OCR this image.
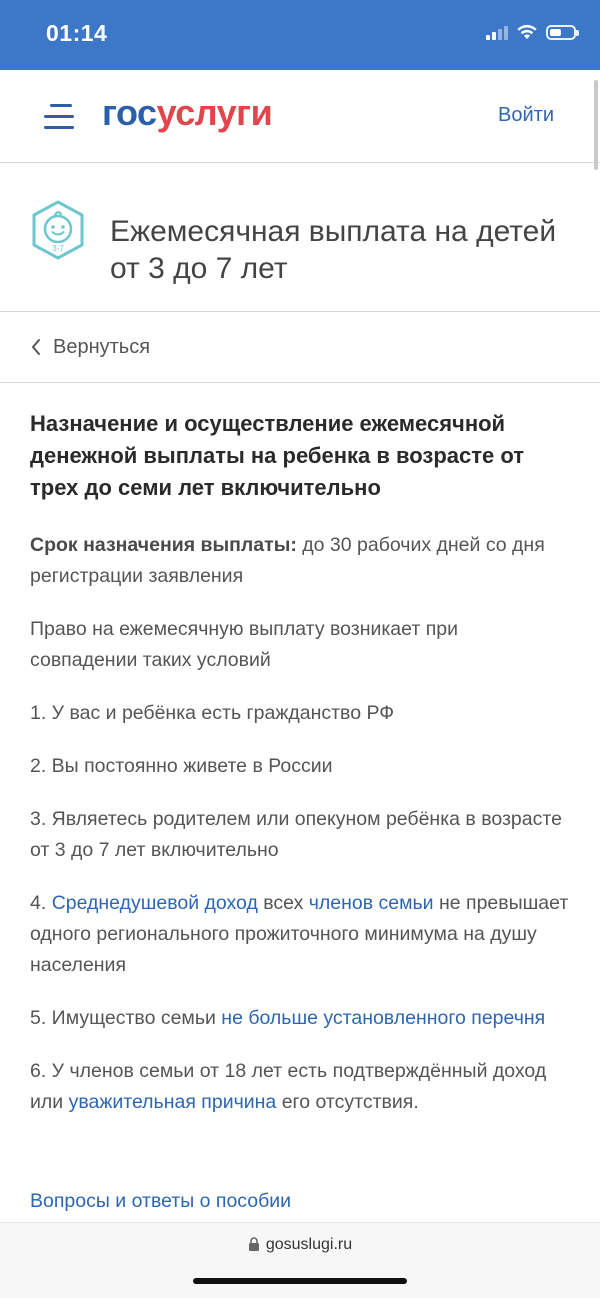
01:14
госуслуги	Войти
3-7
Ежемесячная выплата на детей от 3 до 7 лет
Вернуться
Назначение и осуществление ежемесячной денежной выплаты на ребенка в возрасте от трех до семи лет включительно

Срок назначения выплаты: до 30 рабочих дней со дня регистрации заявления

Право на ежемесячную выплату возникает при совпадении таких условий

1. У вас и ребёнка есть гражданство РФ

2. Вы постоянно живете в России

3. Являетесь родителем или опекуном ребёнка в возрасте от 3 до 7 лет включительно

4. Среднедушевой доход всех членов семьи не превышает одного регионального прожиточного минимума на душу населения

5. Имущество семьи не больше установленного перечня

6. У членов семьи от 18 лет есть подтверждённый доход или уважительная причина его отсутствия.

Вопросы и ответы о пособии
gosuslugi.ru
